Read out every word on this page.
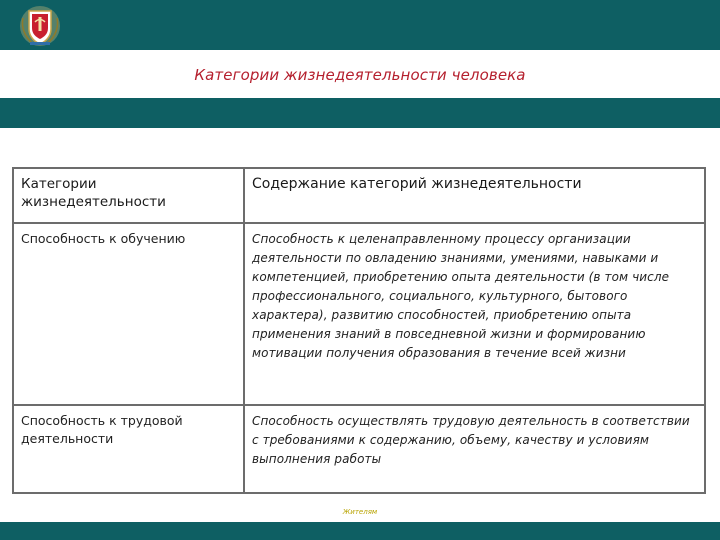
Категории жизнедеятельности человека
Категории жизнедеятельности	Содержание категорий жизнедеятельности
Способность к обучению	Способность к целенаправленному процессу организации деятельности по овладению знаниями, умениями, навыками и компетенцией, приобретению опыта деятельности (в том числе профессионального, социального, культурного, бытового характера), развитию способностей, приобретению опыта применения знаний в повседневной жизни и формированию мотивации получения образования в течение всей жизни
Способность к трудовой деятельности	Способность осуществлять трудовую деятельность в соответствии с требованиями к содержанию, объему, качеству и условиям выполнения работы
Жителям
